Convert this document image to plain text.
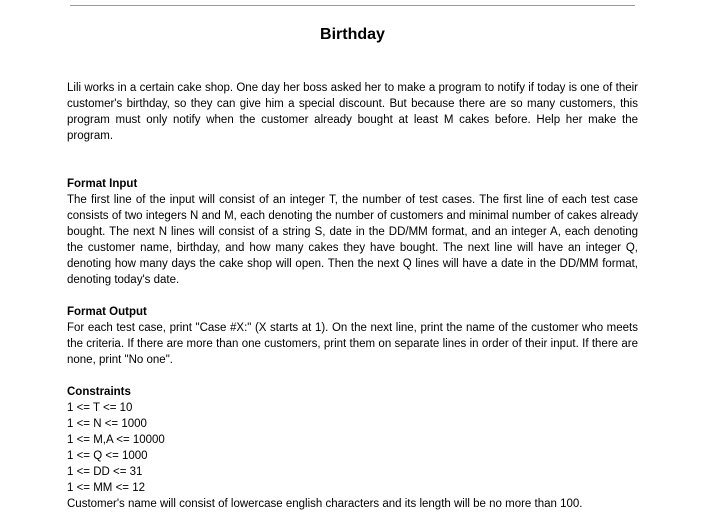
Birthday

Lili works in a certain cake shop. One day her boss asked her to make a program to notify if today is one of their customer's birthday, so they can give him a special discount. But because there are so many customers, this program must only notify when the customer already bought at least M cakes before. Help her make the program.

Format Input

The first line of the input will consist of an integer T, the number of test cases. The first line of each test case consists of two integers N and M, each denoting the number of customers and minimal number of cakes already bought. The next N lines will consist of a string S, date in the DD/MM format, and an integer A, each denoting the customer name, birthday, and how many cakes they have bought. The next line will have an integer Q, denoting how many days the cake shop will open. Then the next Q lines will have a date in the DD/MM format, denoting today's date.

Format Output

For each test case, print "Case #X:" (X starts at 1). On the next line, print the name of the customer who meets the criteria. If there are more than one customers, print them on separate lines in order of their input. If there are none, print "No one".

Constraints

1 <= T <= 10

1 <= N <= 1000

1 <= M,A <= 10000

1 <= Q <= 1000

1 <= DD <= 31

1 <= MM <= 12

Customer's name will consist of lowercase english characters and its length will be no more than 100.
